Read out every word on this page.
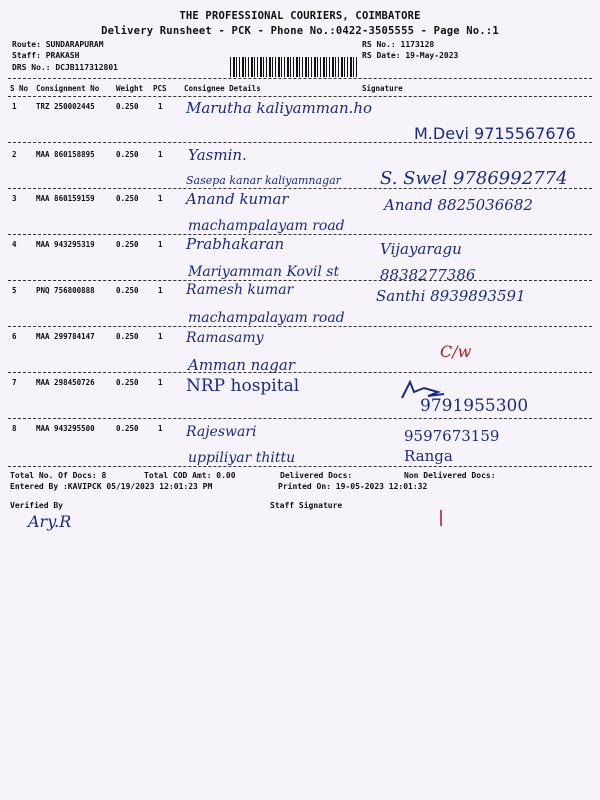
THE PROFESSIONAL COURIERS, COIMBATORE
Delivery Runsheet - PCK - Phone No.:0422-3505555 - Page No.:1
Route: SUNDARAPURAM
Staff: PRAKASH
DRS No.: DCJB117312801
RS No.: 1173128
RS Date: 19-May-2023
S No Consignment No Weight PCS Consignee Details	Signature
1	TRZ 250002445	0.250	1 Marutha kaliyamman.ho
M.Devi 9715567676
2	MAA 860158895	0.250	1 Yasmin.
Sasepa kanar kaliyamnagar S. Swel 9786992774
3	MAA 860159159	0.250	1 Anand kumar
machampalayam road
Anand 8825036682
4	MAA 943295319	0.250	1 Prabhakaran
Mariyamman Kovil st
Vijayaragu 8838277386
5	PNQ 756800888	0.250	1 Ramesh kumar
machampalayam road
Santhi 8939893591
6	MAA 299784147	0.250	1 Ramasamy
Amman nagar
C/w
7	MAA 298450726	0.250	1 NRP hospital
9791955300
8	MAA 943295500	0.250	1 Rajeswari
uppiliyar thittu
9597673159 Ranga
Total No. Of Docs: 8	Total COD Amt: 0.00	Delivered Docs:	Non Delivered Docs:
Entered By :KAVIPCK 05/19/2023 12:01:23 PM	Printed On: 19-05-2023 12:01:32
Verified By	Staff Signature
Ary.R
